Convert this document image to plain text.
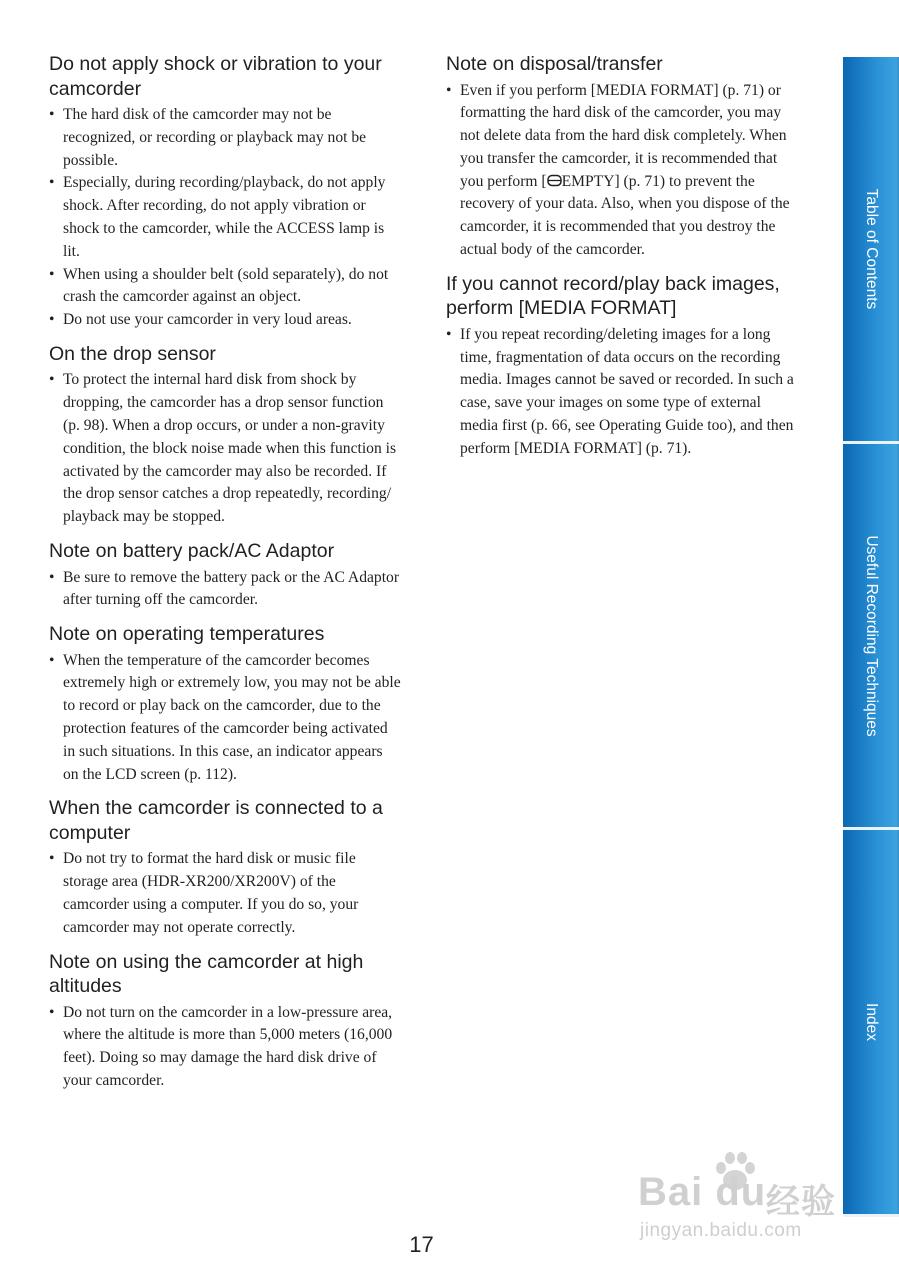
Do not apply shock or vibration to your camcorder
• The hard disk of the camcorder may not be recognized, or recording or playback may not be possible.
• Especially, during recording/playback, do not apply shock. After recording, do not apply vibration or shock to the camcorder, while the ACCESS lamp is lit.
• When using a shoulder belt (sold separately), do not crash the camcorder against an object.
• Do not use your camcorder in very loud areas.
On the drop sensor
• To protect the internal hard disk from shock by dropping, the camcorder has a drop sensor function (p. 98). When a drop occurs, or under a non-gravity condition, the block noise made when this function is activated by the camcorder may also be recorded. If the drop sensor catches a drop repeatedly, recording/ playback may be stopped.
Note on battery pack/AC Adaptor
• Be sure to remove the battery pack or the AC Adaptor after turning off the camcorder.
Note on operating temperatures
• When the temperature of the camcorder becomes extremely high or extremely low, you may not be able to record or play back on the camcorder, due to the protection features of the camcorder being activated in such situations. In this case, an indicator appears on the LCD screen (p. 112).
When the camcorder is connected to a computer
• Do not try to format the hard disk or music file storage area (HDR-XR200/XR200V) of the camcorder using a computer. If you do so, your camcorder may not operate correctly.
Note on using the camcorder at high altitudes
• Do not turn on the camcorder in a low-pressure area, where the altitude is more than 5,000 meters (16,000 feet). Doing so may damage the hard disk drive of your camcorder.
Note on disposal/transfer
• Even if you perform [MEDIA FORMAT] (p. 71) or formatting the hard disk of the camcorder, you may not delete data from the hard disk completely. When you transfer the camcorder, it is recommended that you perform [ EMPTY] (p. 71) to prevent the recovery of your data. Also, when you dispose of the camcorder, it is recommended that you destroy the actual body of the camcorder.
If you cannot record/play back images, perform [MEDIA FORMAT]
• If you repeat recording/deleting images for a long time, fragmentation of data occurs on the recording media. Images cannot be saved or recorded. In such a case, save your images on some type of external media first (p. 66, see Operating Guide too), and then perform [MEDIA FORMAT] (p. 71).
Table of Contents
Useful Recording Techniques
Index
17
Bai du 经验
jingyan.baidu.com
